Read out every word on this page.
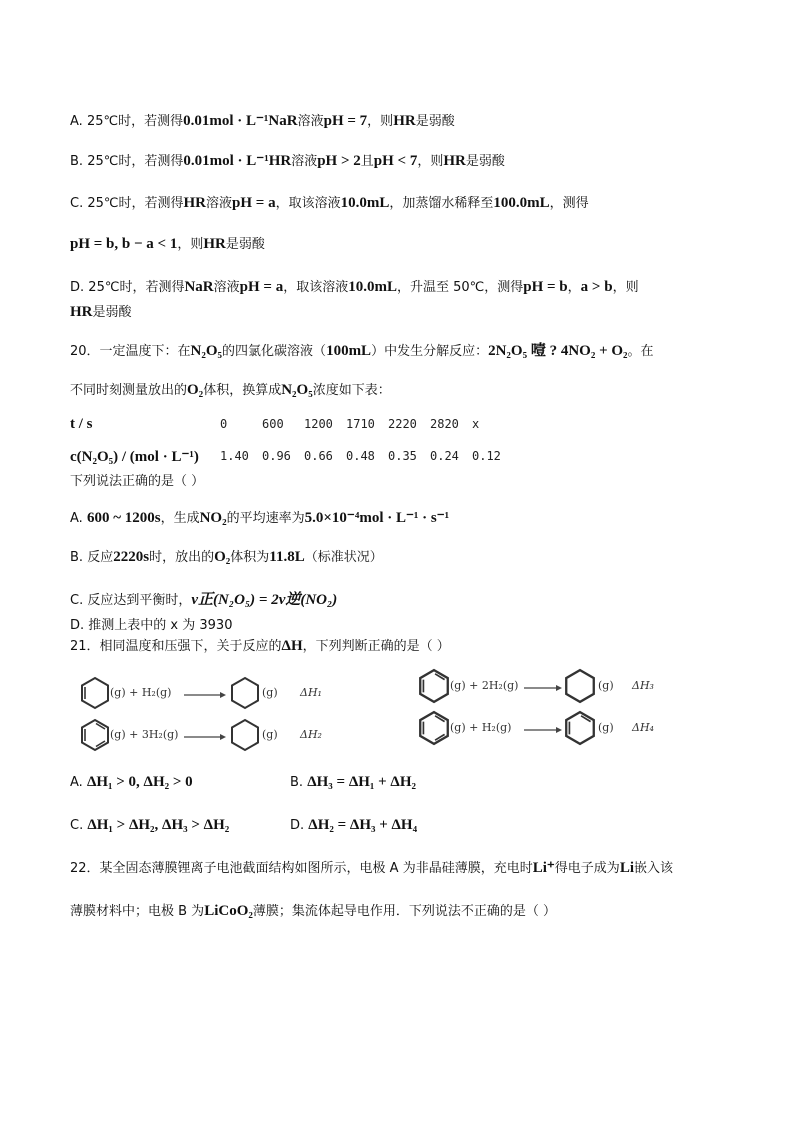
A. 25℃时，若测得0.01mol · L⁻¹NaR溶液pH = 7，则HR是弱酸
B. 25℃时，若测得0.01mol · L⁻¹HR溶液pH > 2且pH < 7，则HR是弱酸
C. 25℃时，若测得HR溶液pH = a，取该溶液10.0mL，加蒸馏水稀释至100.0mL，测得
pH = b, b − a < 1，则HR是弱酸
D. 25℃时，若测得NaR溶液pH = a，取该溶液10.0mL，升温至 50℃，测得pH = b，a > b，则
HR是弱酸
20．一定温度下：在N₂O₅的四氯化碳溶液（100mL）中发生分解反应：2N₂O₅ 噎 ? 4NO₂ + O₂。在
不同时刻测量放出的O₂体积，换算成N₂O₅浓度如下表：
t / s	0	600	1200	1710	2220	2820	x
c(N₂O₅) / (mol · L⁻¹)	1.40	0.96	0.66	0.48	0.35	0.24	0.12
下列说法正确的是（ ）
A. 600 ~ 1200s，生成NO₂的平均速率为5.0×10⁻⁴mol · L⁻¹ · s⁻¹
B. 反应2220s时，放出的O₂体积为11.8L（标准状况）
C. 反应达到平衡时，v正(N₂O₅) = 2v逆(NO₂)
D. 推测上表中的 x 为 3930
21．相同温度和压强下，关于反应的ΔH，下列判断正确的是（ ）
(g) + H₂(g)	(g) ΔH₁
(g) + 3H₂(g)	(g) ΔH₂
(g) + 2H₂(g)	(g) ΔH₃
(g) + H₂(g)	(g) ΔH₄
A. ΔH₁ > 0, ΔH₂ > 0	B. ΔH₃ = ΔH₁ + ΔH₂
C. ΔH₁ > ΔH₂, ΔH₃ > ΔH₂	D. ΔH₂ = ΔH₃ + ΔH₄
22．某全固态薄膜锂离子电池截面结构如图所示，电极 A 为非晶硅薄膜，充电时Li⁺得电子成为Li嵌入该
薄膜材料中；电极 B 为LiCoO₂薄膜；集流体起导电作用．下列说法不正确的是（ ）
